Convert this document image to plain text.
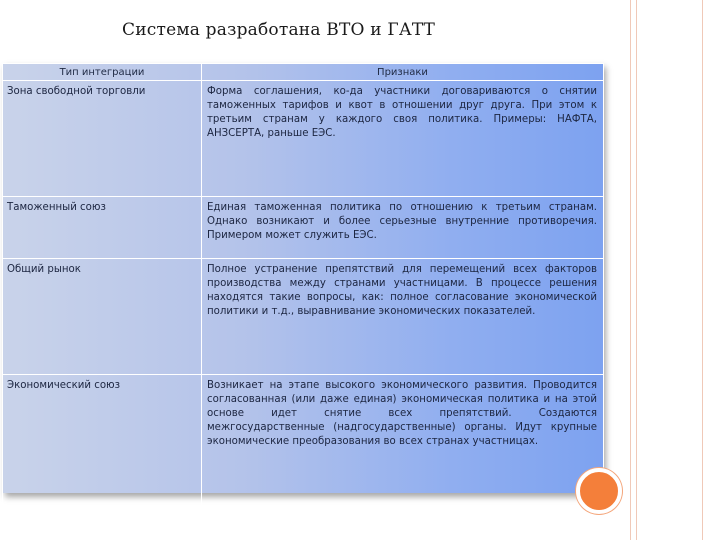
Система разработана ВТО и ГАТТ
Тип интеграции	Признаки
Зона свободной торговли	Форма соглашения, ко-да участники договариваются о снятии таможенных тарифов и квот в отношении друг друга. При этом к третьим странам у каждого своя политика. Примеры: НАФТА, АНЗСЕРТА, раньше ЕЭС.
Таможенный союз	Единая таможенная политика по отношению к третьим странам. Однако возникают и более серьезные внутренние противоречия. Примером может служить ЕЭС.
Общий рынок	Полное устранение препятствий для перемещений всех факторов производства между странами участницами. В процессе решения находятся такие вопросы, как: полное согласование экономической политики и т.д., выравнивание экономических показателей.
Экономический союз	Возникает на этапе высокого экономического развития. Проводится согласованная (или даже единая) экономическая политика и на этой основе идет снятие всех препятствий. Создаются межгосударственные (надгосударственные) органы. Идут крупные экономические преобразования во всех странах участницах.
